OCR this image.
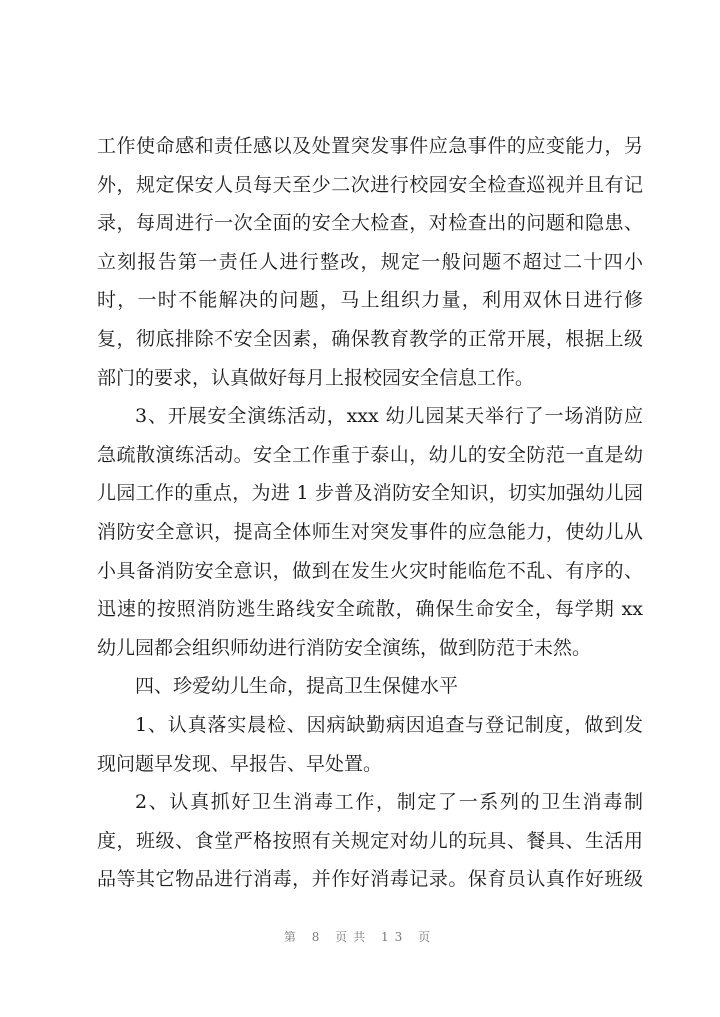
工作使命感和责任感以及处置突发事件应急事件的应变能力，另
外，规定保安人员每天至少二次进行校园安全检查巡视并且有记
录，每周进行一次全面的安全大检查，对检查出的问题和隐患、
立刻报告第一责任人进行整改，规定一般问题不超过二十四小
时，一时不能解决的问题，马上组织力量，利用双休日进行修
复，彻底排除不安全因素，确保教育教学的正常开展，根据上级
部门的要求，认真做好每月上报校园安全信息工作。
3、开展安全演练活动，xxx 幼儿园某天举行了一场消防应
急疏散演练活动。安全工作重于泰山，幼儿的安全防范一直是幼
儿园工作的重点，为进 1 步普及消防安全知识，切实加强幼儿园
消防安全意识，提高全体师生对突发事件的应急能力，使幼儿从
小具备消防安全意识，做到在发生火灾时能临危不乱、有序的、
迅速的按照消防逃生路线安全疏散，确保生命安全，每学期 xx
幼儿园都会组织师幼进行消防安全演练，做到防范于未然。
四、珍爱幼儿生命，提高卫生保健水平
1、认真落实晨检、因病缺勤病因追查与登记制度，做到发
现问题早发现、早报告、早处置。
2、认真抓好卫生消毒工作，制定了一系列的卫生消毒制
度，班级、食堂严格按照有关规定对幼儿的玩具、餐具、生活用
品等其它物品进行消毒，并作好消毒记录。保育员认真作好班级
第 8 页共 13 页
